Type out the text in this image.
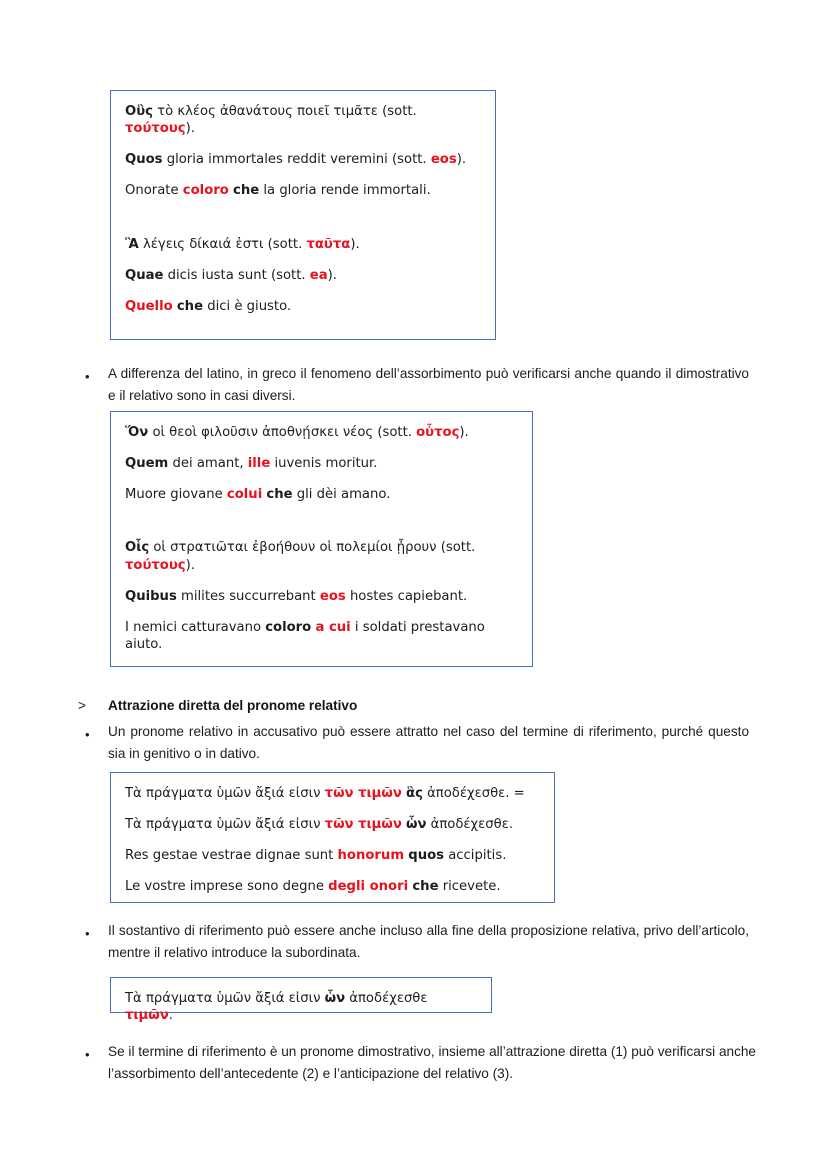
Οὓς τὸ κλέος ἀθανάτους ποιεῖ τιμᾶτε (sott. τούτους).

Quos gloria immortales reddit veremini (sott. eos).

Onorate coloro che la gloria rende immortali.

Ἃ λέγεις δίκαιά ἐστι (sott. ταῦτα).

Quae dicis iusta sunt (sott. ea).

Quello che dici è giusto.

• A differenza del latino, in greco il fenomeno dell’assorbimento può verificarsi anche quando il dimostrativo e il relativo sono in casi diversi.

Ὅν οἱ θεοὶ φιλοῦσιν ἀποθνῄσκει νέος (sott. οὗτος).

Quem dei amant, ille iuvenis moritur.

Muore giovane colui che gli dèi amano.

Οἷς οἱ στρατιῶται ἐβοήθουν οἱ πολεμίοι ᾖρουν (sott. τούτους).

Quibus milites succurrebant eos hostes capiebant.

I nemici catturavano coloro a cui i soldati prestavano aiuto.

> Attrazione diretta del pronome relativo
• Un pronome relativo in accusativo può essere attratto nel caso del termine di riferimento, purché questo sia in genitivo o in dativo.

Τὰ πράγματα ὑμῶν ἄξιά εἰσιν τῶν τιμῶν ἃς ἀποδέχεσθε. =

Τὰ πράγματα ὑμῶν ἄξιά εἰσιν τῶν τιμῶν ὧν ἀποδέχεσθε.

Res gestae vestrae dignae sunt honorum quos accipitis.

Le vostre imprese sono degne degli onori che ricevete.

• Il sostantivo di riferimento può essere anche incluso alla fine della proposizione relativa, privo dell’articolo, mentre il relativo introduce la subordinata.

Τὰ πράγματα ὑμῶν ἄξιά εἰσιν ὧν ἀποδέχεσθε τιμῶν.

• Se il termine di riferimento è un pronome dimostrativo, insieme all’attrazione diretta (1) può verificarsi anche l’assorbimento dell’antecedente (2) e l’anticipazione del relativo (3).
